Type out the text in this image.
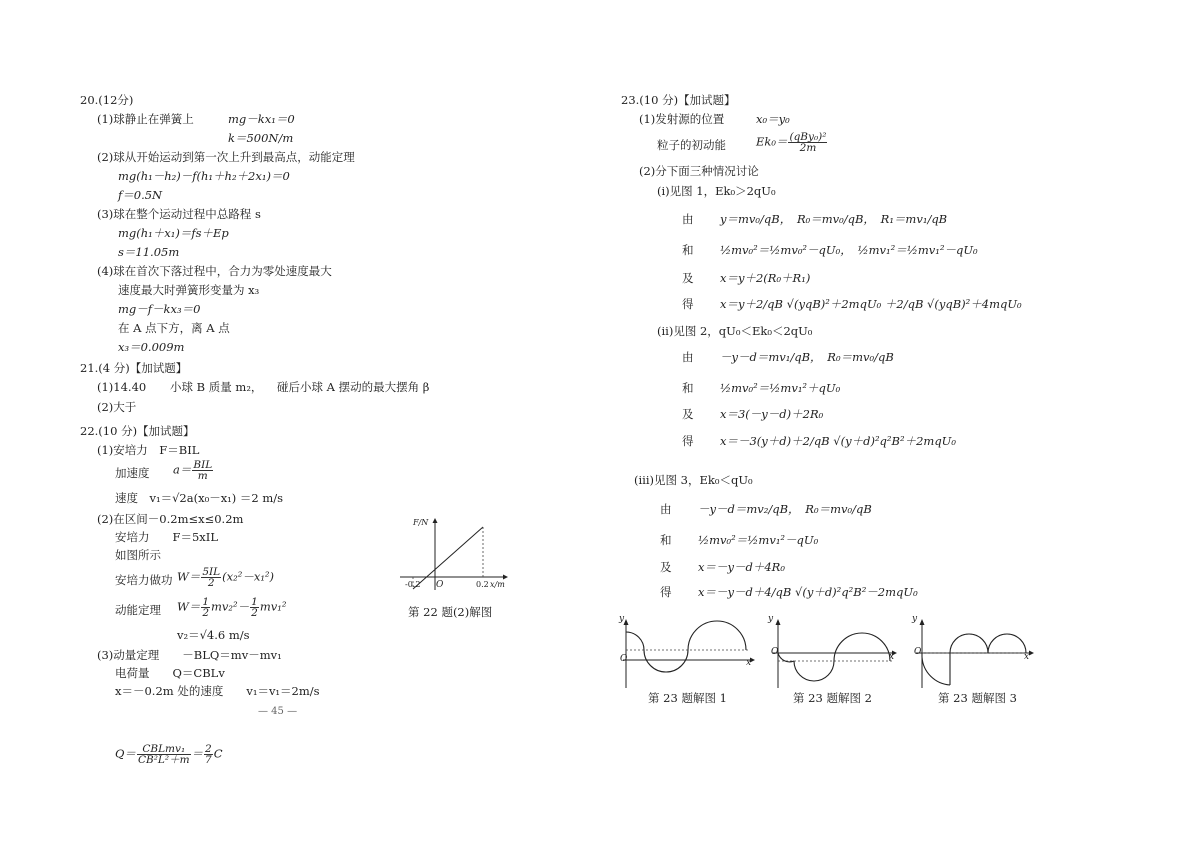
20.(12分)
(1)球静止在弹簧上	mg－kx₁＝0
k＝500N/m
(2)球从开始运动到第一次上升到最高点，动能定理
mg(h₁－h₂)－f(h₁＋h₂＋2x₁)＝0
f＝0.5N
(3)球在整个运动过程中总路程 s
mg(h₁＋x₁)＝fs＋Ep
s＝11.05m
(4)球在首次下落过程中，合力为零处速度最大
速度最大时弹簧形变量为 x₃
mg－f－kx₃＝0
在 A 点下方，离 A 点
x₃＝0.009m
21.(4 分)【加试题】
(1)14.40 小球 B 质量 m₂， 碰后小球 A 摆动的最大摆角 β
(2)大于
22.(10 分)【加试题】
(1)安培力　F＝BIL
加速度 $a= \frac{\text{BIL}}{m}$
速度　v₁＝√2a(x₀－x₁) ＝2 m/s
(2)在区间－0.2m≤x≤0.2m
安培力　　F＝5xIL
如图所示
安培力做功 $W= \frac{5IL}{2} (x_2^2-x_1^2)$
动能定理 $W= \frac{1}{2} mv_2^2- \frac{1}{2} mv_1^2$
v₂＝√4.6 m/s
(3)动量定理　　－BLQ＝mv－mv₁
电荷量　　Q＝CBLv
x＝－0.2m 处的速度　　v₁＝v₁＝2m/s
— 45 —
$Q= \frac{\text{CBLmv₁}}{\text{CB²L²＋m}} = \frac{2}{7}$ C
F/N
-0.2 O	0.2 x/m
第 22 题(2)解图
23.(10 分)【加试题】
(1)发射源的位置	x₀＝y₀
粒子的初动能	$Ek_0= \frac{\text{(qBy₀)²}}{2m}$
(2)分下面三种情况讨论
(ⅰ)见图 1，Ek₀＞2qU₀
由 y＝mv₀/qB，　R₀＝mv₀/qB，　R₁＝mv₁/qB
和 ½mv₀²＝½mv₀²－qU₀，　½mv₁²＝½mv₁²－qU₀
及 x＝y＋2(R₀＋R₁)
得 x＝y＋2/qB √(yqB)²＋2mqU₀ ＋2/qB √(yqB)²＋4mqU₀
(ⅱ)见图 2，qU₀＜Ek₀＜2qU₀
由 －y－d＝mv₁/qB，　R₀＝mv₀/qB
和 ½mv₀²＝½mv₁²＋qU₀
及 x＝3(－y－d)＋2R₀
得 x＝－3(y＋d)＋2/qB √(y＋d)²q²B²＋2mqU₀
(ⅲ)见图 3，Ek₀＜qU₀
由 －y－d＝mv₂/qB，　R₀＝mv₀/qB
和 ½mv₀²＝½mv₁²－qU₀
及 x＝－y－d＋4R₀
得 x＝－y－d＋4/qB √(y＋d)²q²B²－2mqU₀
y
O	x
第 23 题解图 1
y
O	x
第 23 题解图 2
y
O	x
第 23 题解图 3
